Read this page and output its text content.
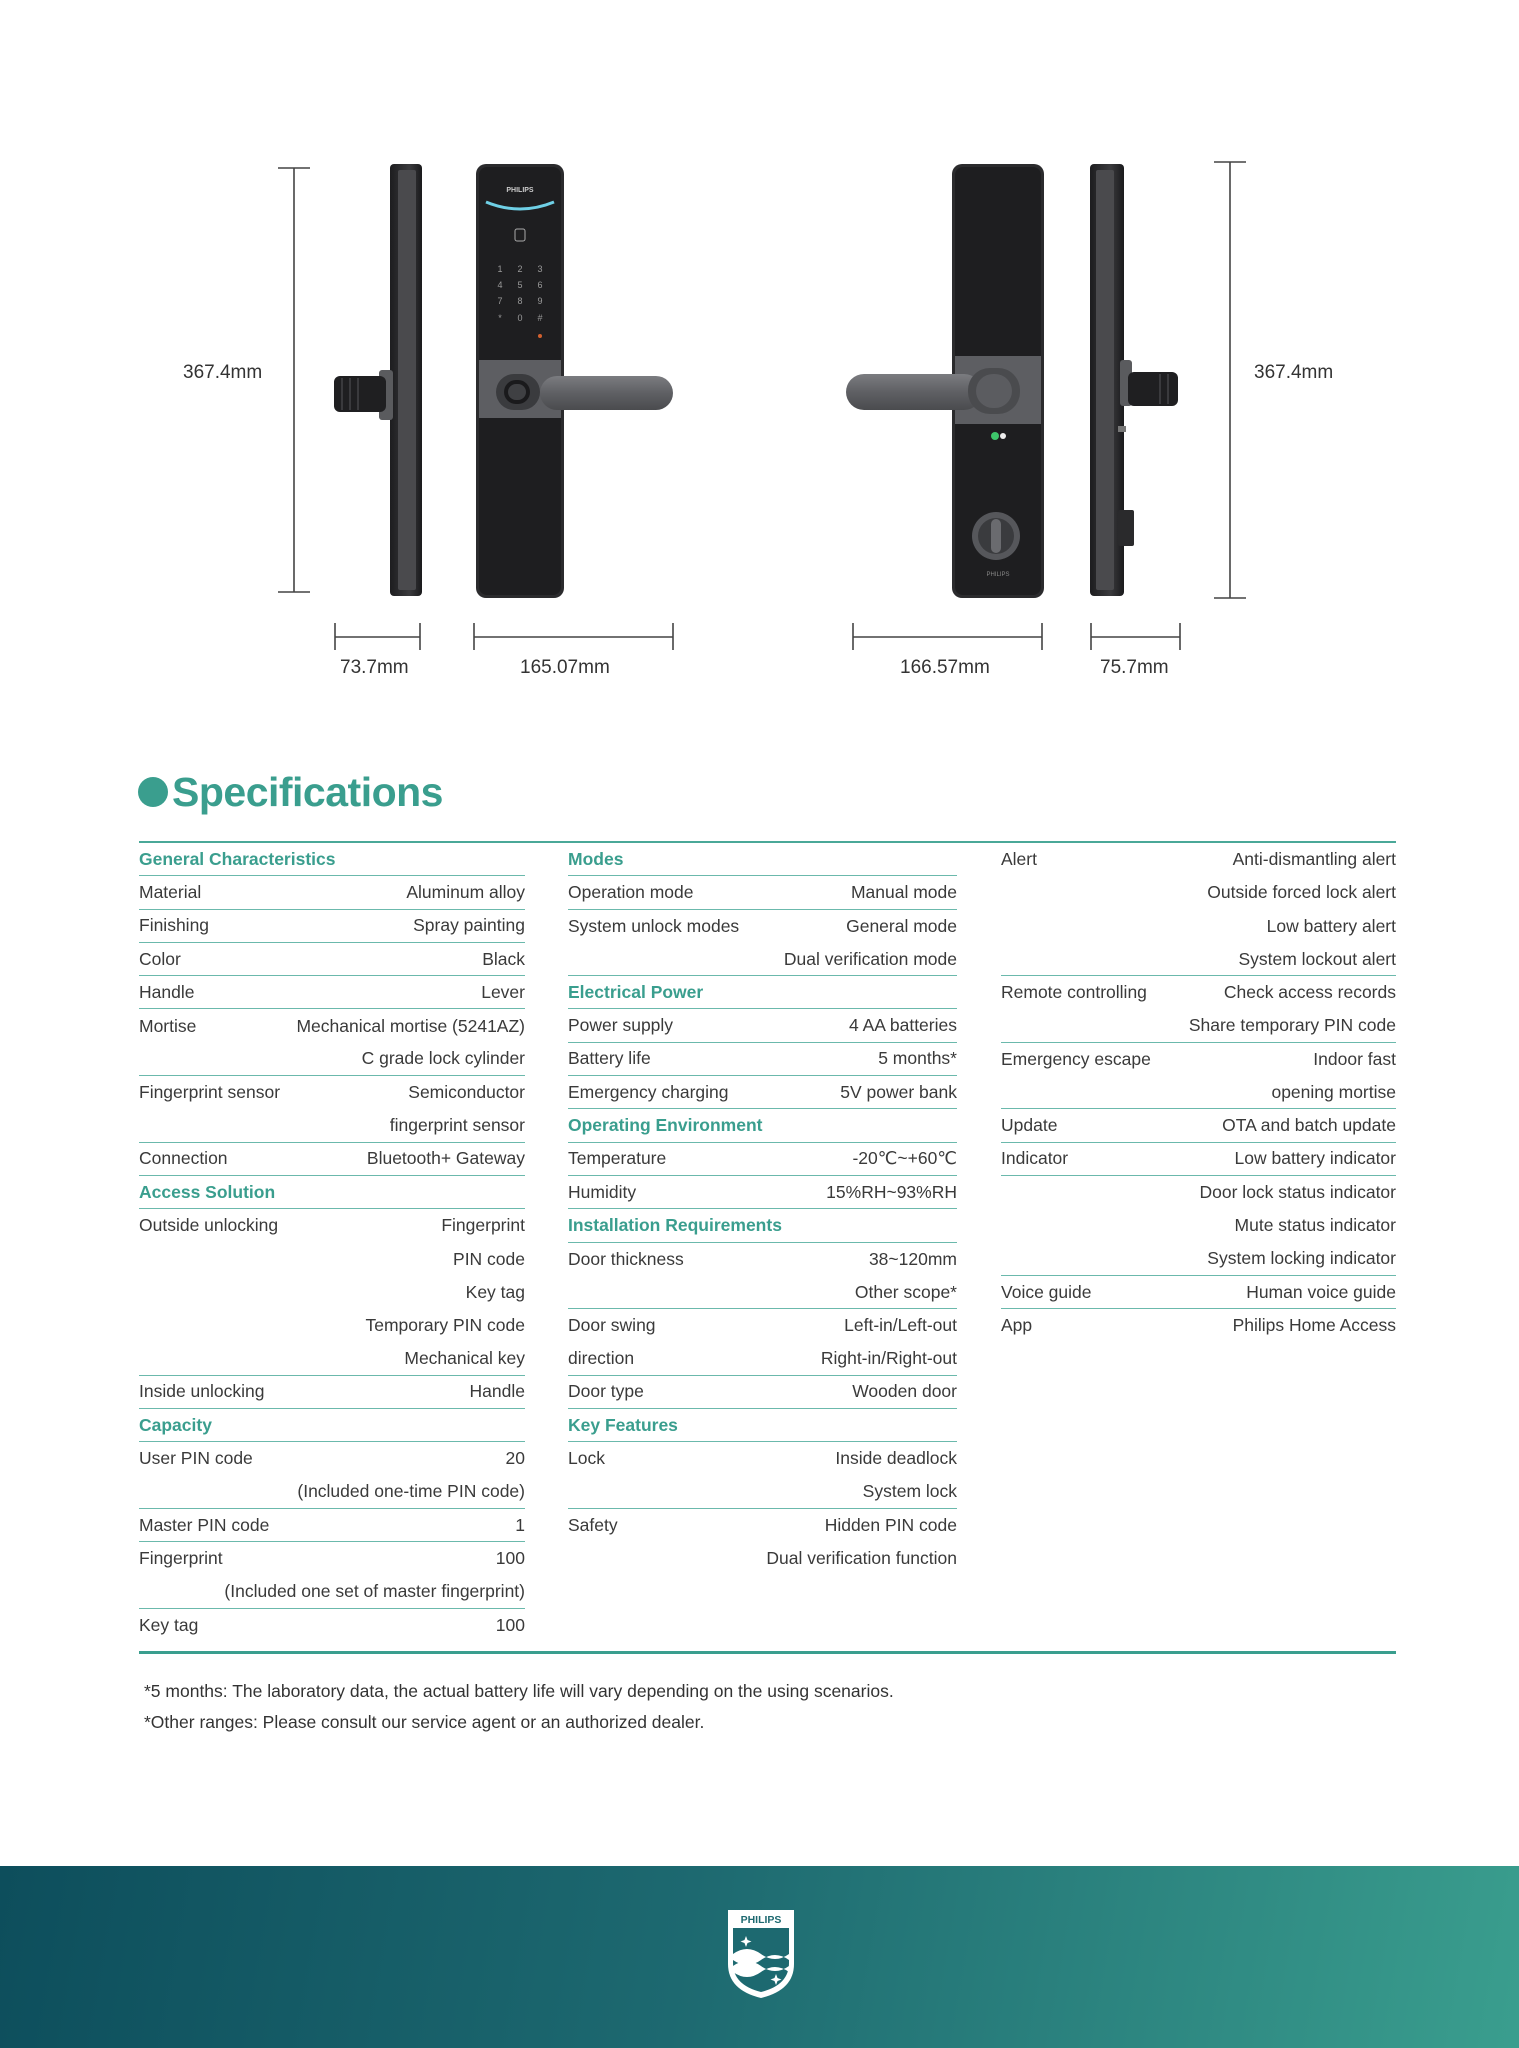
PHILIPS
1 2 3
4 5 6
7 8 9
* 0 #
PHILIPS
367.4mm	367.4mm
73.7mm	165.07mm	166.57mm	75.7mm
Specifications
General Characteristics
Material	Aluminum alloy
Finishing	Spray painting
Color	Black
Handle	Lever
Mortise	Mechanical mortise (5241AZ)
C grade lock cylinder
Fingerprint sensor	Semiconductor
fingerprint sensor
Connection	Bluetooth+ Gateway
Access Solution
Outside unlocking	Fingerprint
PIN code
Key tag
Temporary PIN code
Mechanical key
Inside unlocking	Handle
Capacity
User PIN code	20
(Included one-time PIN code)
Master PIN code	1
Fingerprint	100
(Included one set of master fingerprint)
Key tag	100
Modes
Operation mode	Manual mode
System unlock modes	General mode
Dual verification mode
Electrical Power
Power supply	4 AA batteries
Battery life	5 months*
Emergency charging	5V power bank
Operating Environment
Temperature	-20℃~+60℃
Humidity	15%RH~93%RH
Installation Requirements
Door thickness	38~120mm
Other scope*
Door swing	Left-in/Left-out
direction	Right-in/Right-out
Door type	Wooden door
Key Features
Lock	Inside deadlock
System lock
Safety	Hidden PIN code
Dual verification function
Alert	Anti-dismantling alert
Outside forced lock alert
Low battery alert
System lockout alert
Remote controlling	Check access records
Share temporary PIN code
Emergency escape	Indoor fast
opening mortise
Update	OTA and batch update
Indicator	Low battery indicator
Door lock status indicator
Mute status indicator
System locking indicator
Voice guide	Human voice guide
App	Philips Home Access
*5 months: The laboratory data, the actual battery life will vary depending on the using scenarios.
*Other ranges: Please consult our service agent or an authorized dealer.
PHILIPS
